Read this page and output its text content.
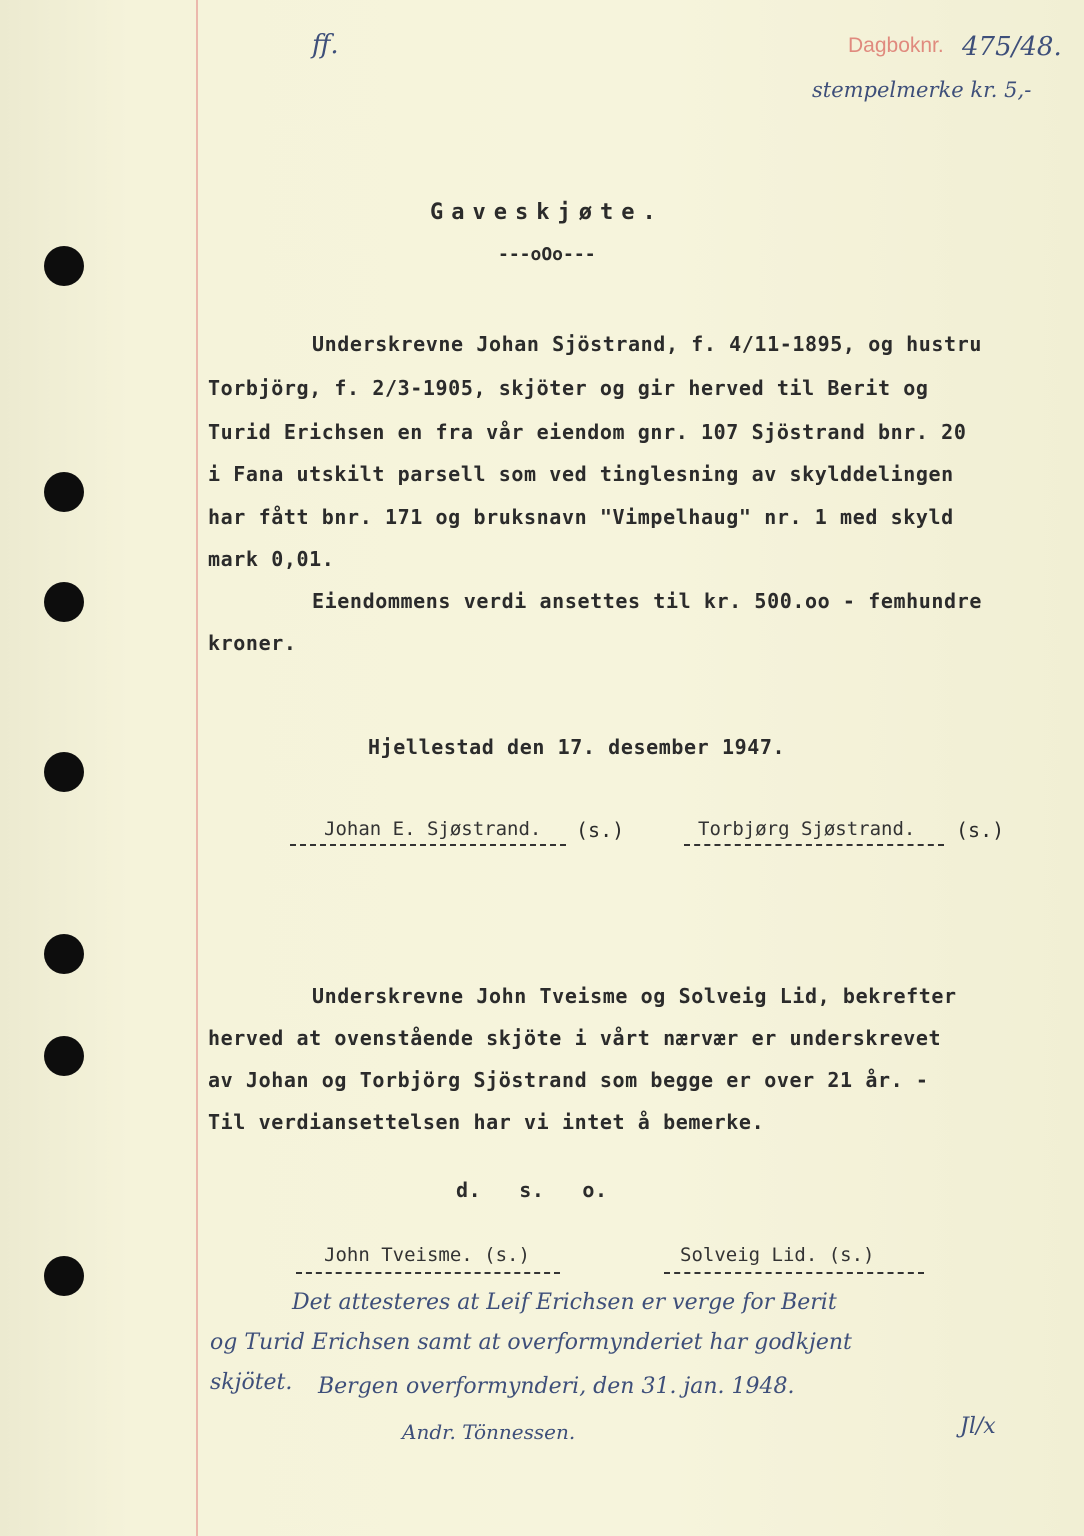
ff.	Dagboknr. 475/48.
stempelmerke kr. 5,-
Gaveskjøte.
---oOo---
Underskrevne Johan Sjöstrand, f. 4/11-1895, og hustru
Torbjörg, f. 2/3-1905, skjöter og gir herved til Berit og
Turid Erichsen en fra vår eiendom gnr. 107 Sjöstrand bnr. 20
i Fana utskilt parsell som ved tinglesning av skylddelingen
har fått bnr. 171 og bruksnavn "Vimpelhaug" nr. 1 med skyld
mark 0,01.
Eiendommens verdi ansettes til kr. 500.oo - femhundre
kroner.
Hjellestad den 17. desember 1947.
Johan E. Sjøstrand. (s.)	Torbjørg Sjøstrand. (s.)
Underskrevne John Tveisme og Solveig Lid, bekrefter
herved at ovenstående skjöte i vårt nærvær er underskrevet
av Johan og Torbjörg Sjöstrand som begge er over 21 år. -
Til verdiansettelsen har vi intet å bemerke.
d.   s.   o.
John Tveisme. (s.)	Solveig Lid. (s.)
Det attesteres at Leif Erichsen er verge for Berit
og Turid Erichsen samt at overformynderiet har godkjent
skjötet. Bergen overformynderi, den 31. jan. 1948.
Andr. Tönnessen.	Jl/x
